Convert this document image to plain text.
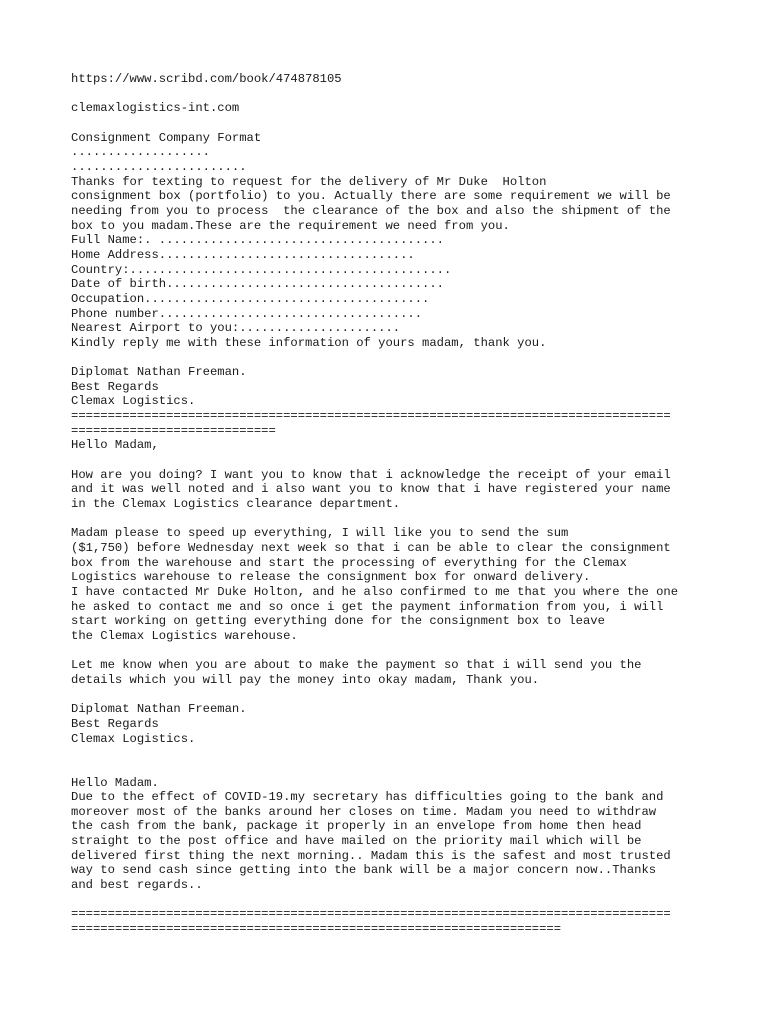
https://www.scribd.com/book/474878105
clemaxlogistics-int.com
Consignment Company Format
...................
........................
Thanks for texting to request for the delivery of Mr Duke  Holton
consignment box (portfolio) to you. Actually there are some requirement we will be
needing from you to process  the clearance of the box and also the shipment of the
box to you madam.These are the requirement we need from you.
Full Name:. .......................................
Home Address...................................
Country:............................................
Date of birth......................................
Occupation.......................................
Phone number....................................
Nearest Airport to you:......................
Kindly reply me with these information of yours madam, thank you.
Diplomat Nathan Freeman.
Best Regards
Clemax Logistics.
==================================================================================
============================
Hello Madam,
How are you doing? I want you to know that i acknowledge the receipt of your email
and it was well noted and i also want you to know that i have registered your name
in the Clemax Logistics clearance department.
Madam please to speed up everything, I will like you to send the sum
($1,750) before Wednesday next week so that i can be able to clear the consignment
box from the warehouse and start the processing of everything for the Clemax
Logistics warehouse to release the consignment box for onward delivery.
I have contacted Mr Duke Holton, and he also confirmed to me that you where the one
he asked to contact me and so once i get the payment information from you, i will
start working on getting everything done for the consignment box to leave
the Clemax Logistics warehouse.
Let me know when you are about to make the payment so that i will send you the
details which you will pay the money into okay madam, Thank you.
Diplomat Nathan Freeman.
Best Regards
Clemax Logistics.
Hello Madam.
Due to the effect of COVID-19.my secretary has difficulties going to the bank and
moreover most of the banks around her closes on time. Madam you need to withdraw
the cash from the bank, package it properly in an envelope from home then head
straight to the post office and have mailed on the priority mail which will be
delivered first thing the next morning.. Madam this is the safest and most trusted
way to send cash since getting into the bank will be a major concern now..Thanks
and best regards..
==================================================================================
===================================================================
